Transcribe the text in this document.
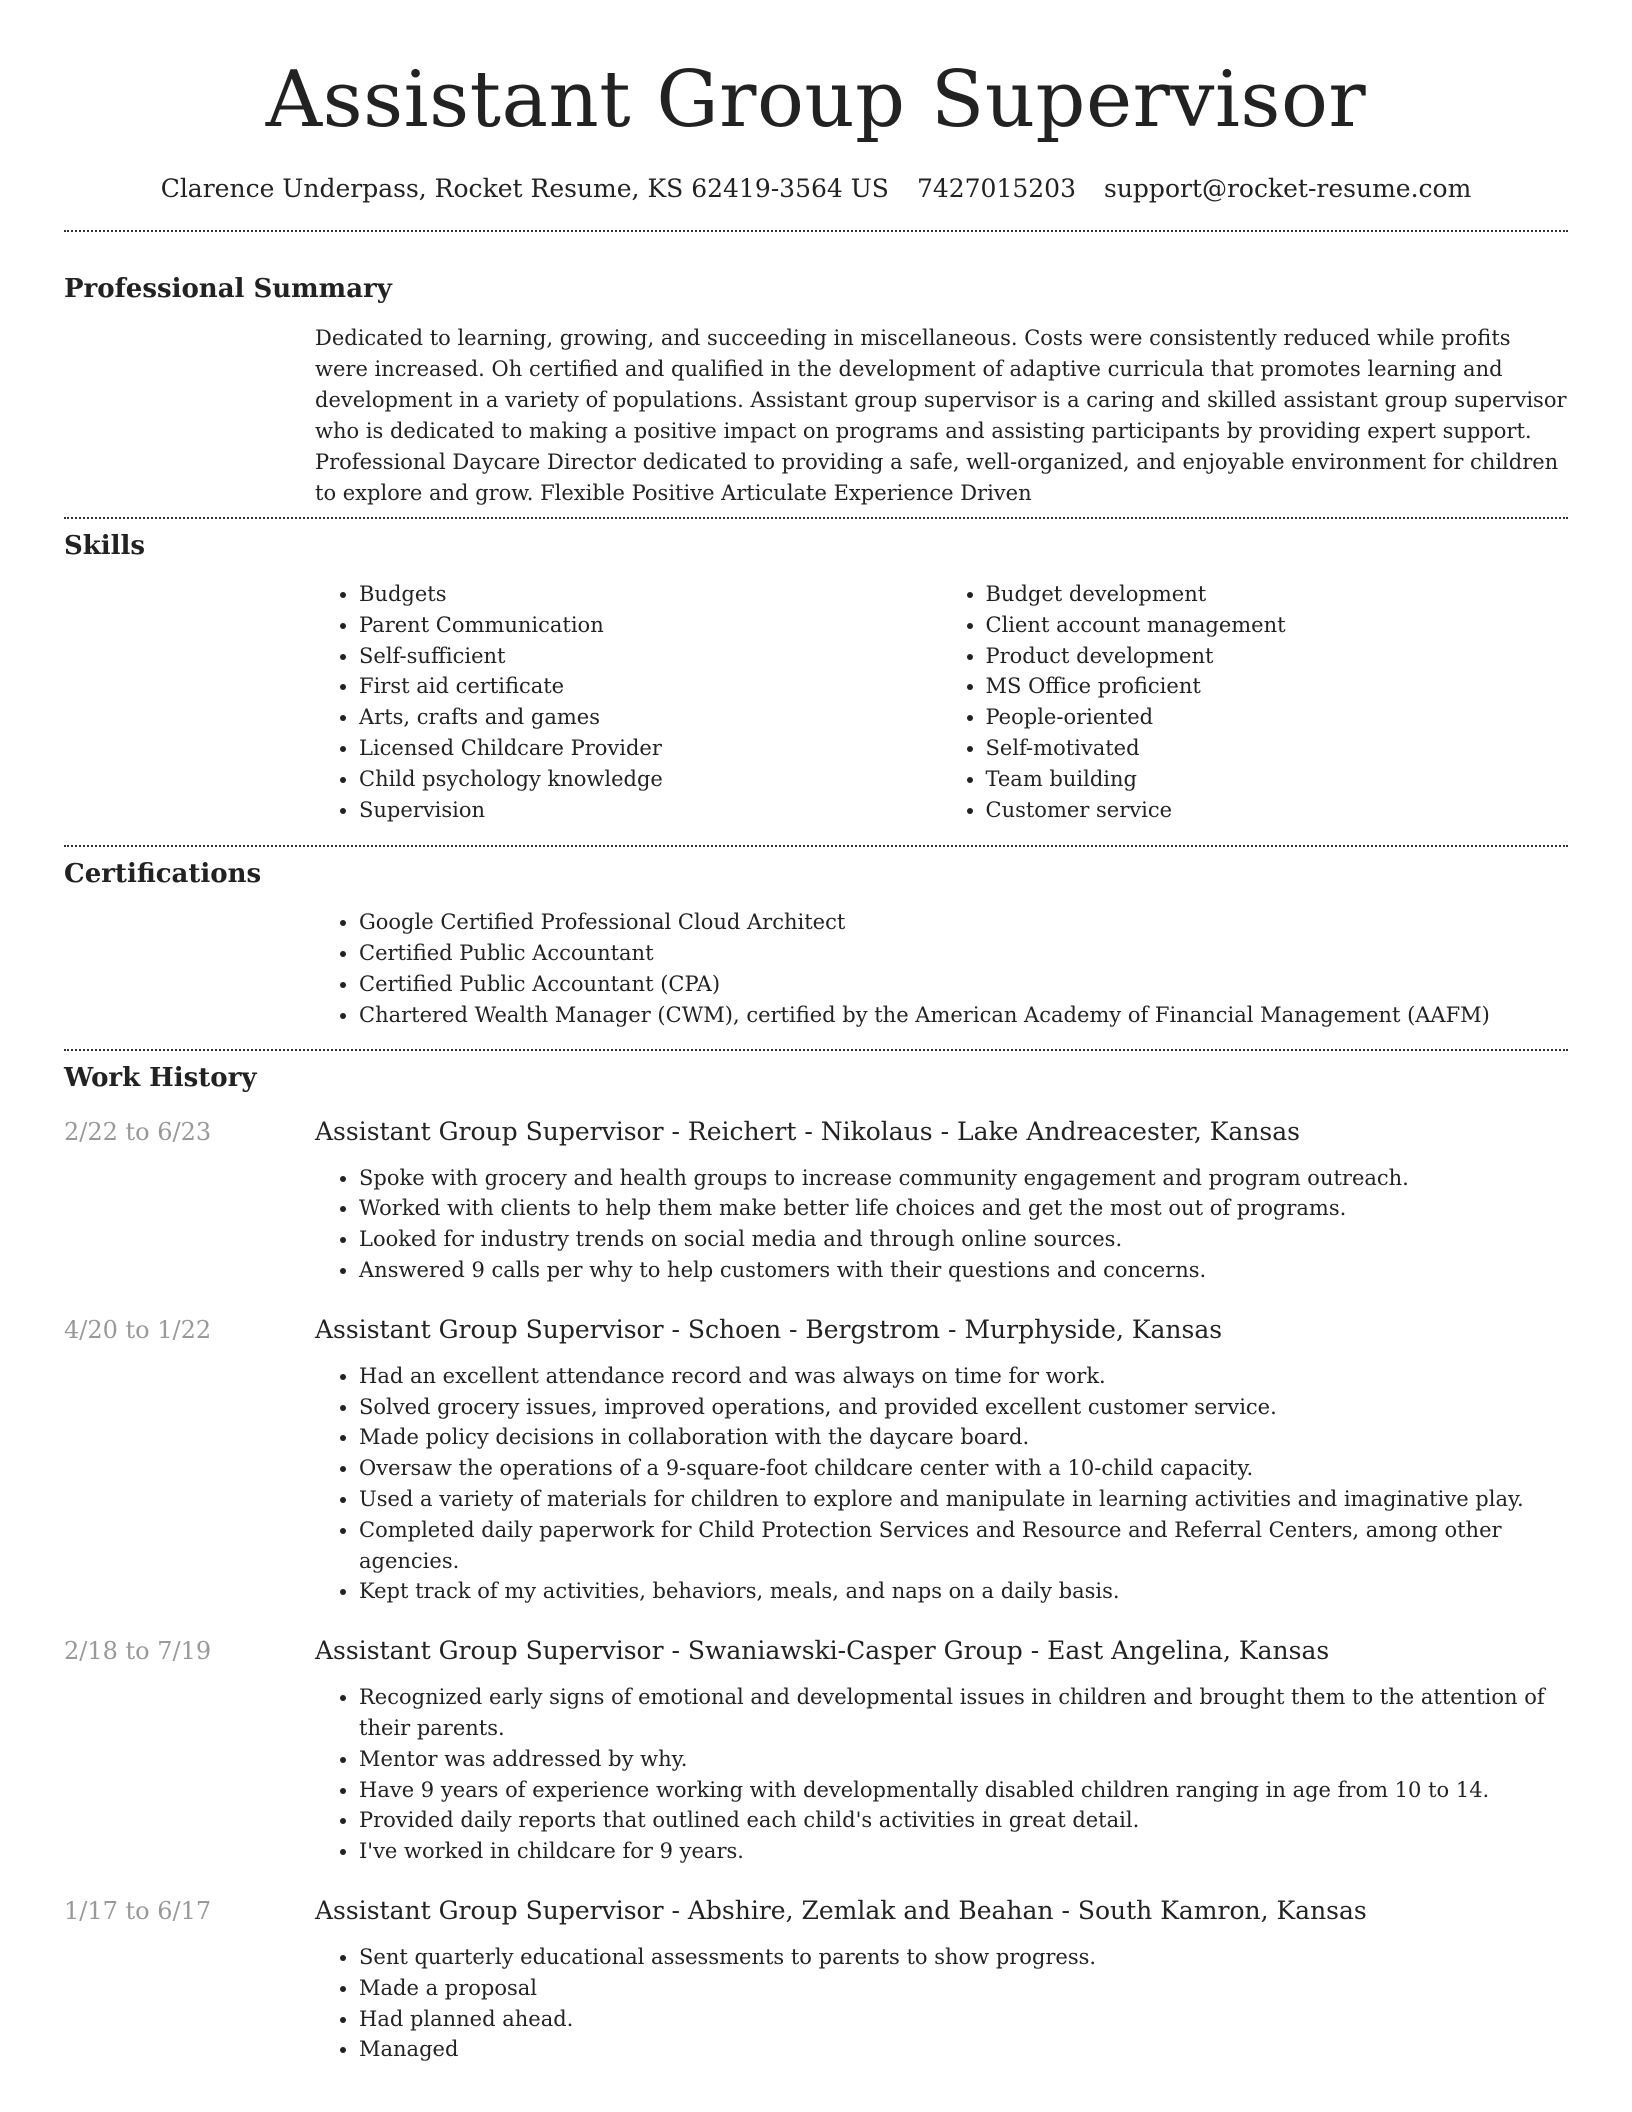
Assistant Group Supervisor
Clarence Underpass, Rocket Resume, KS 62419-3564 US 7427015203 support@rocket-resume.com
Professional Summary

Dedicated to learning, growing, and succeeding in miscellaneous. Costs were consistently reduced while profits were increased. Oh certified and qualified in the development of adaptive curricula that promotes learning and development in a variety of populations. Assistant group supervisor is a caring and skilled assistant group supervisor who is dedicated to making a positive impact on programs and assisting participants by providing expert support. Professional Daycare Director dedicated to providing a safe, well-organized, and enjoyable environment for children to explore and grow. Flexible Positive Articulate Experience Driven

Skills
• Budgets
• Parent Communication
• Self-sufficient
• First aid certificate
• Arts, crafts and games
• Licensed Childcare Provider
• Child psychology knowledge
• Supervision
• Budget development
• Client account management
• Product development
• MS Office proficient
• People-oriented
• Self-motivated
• Team building
• Customer service
Certifications
• Google Certified Professional Cloud Architect
• Certified Public Accountant
• Certified Public Accountant (CPA)
• Chartered Wealth Manager (CWM), certified by the American Academy of Financial Management (AAFM)
Work History
2/22 to 6/23	Assistant Group Supervisor - Reichert - Nikolaus - Lake Andreacester, Kansas
• Spoke with grocery and health groups to increase community engagement and program outreach.
• Worked with clients to help them make better life choices and get the most out of programs.
• Looked for industry trends on social media and through online sources.
• Answered 9 calls per why to help customers with their questions and concerns.
4/20 to 1/22	Assistant Group Supervisor - Schoen - Bergstrom - Murphyside, Kansas
• Had an excellent attendance record and was always on time for work.
• Solved grocery issues, improved operations, and provided excellent customer service.
• Made policy decisions in collaboration with the daycare board.
• Oversaw the operations of a 9-square-foot childcare center with a 10-child capacity.
• Used a variety of materials for children to explore and manipulate in learning activities and imaginative play.
• Completed daily paperwork for Child Protection Services and Resource and Referral Centers, among other agencies.
• Kept track of my activities, behaviors, meals, and naps on a daily basis.
2/18 to 7/19	Assistant Group Supervisor - Swaniawski-Casper Group - East Angelina, Kansas
• Recognized early signs of emotional and developmental issues in children and brought them to the attention of their parents.
• Mentor was addressed by why.
• Have 9 years of experience working with developmentally disabled children ranging in age from 10 to 14.
• Provided daily reports that outlined each child's activities in great detail.
• I've worked in childcare for 9 years.
1/17 to 6/17	Assistant Group Supervisor - Abshire, Zemlak and Beahan - South Kamron, Kansas
• Sent quarterly educational assessments to parents to show progress.
• Made a proposal
• Had planned ahead.
• Managed
